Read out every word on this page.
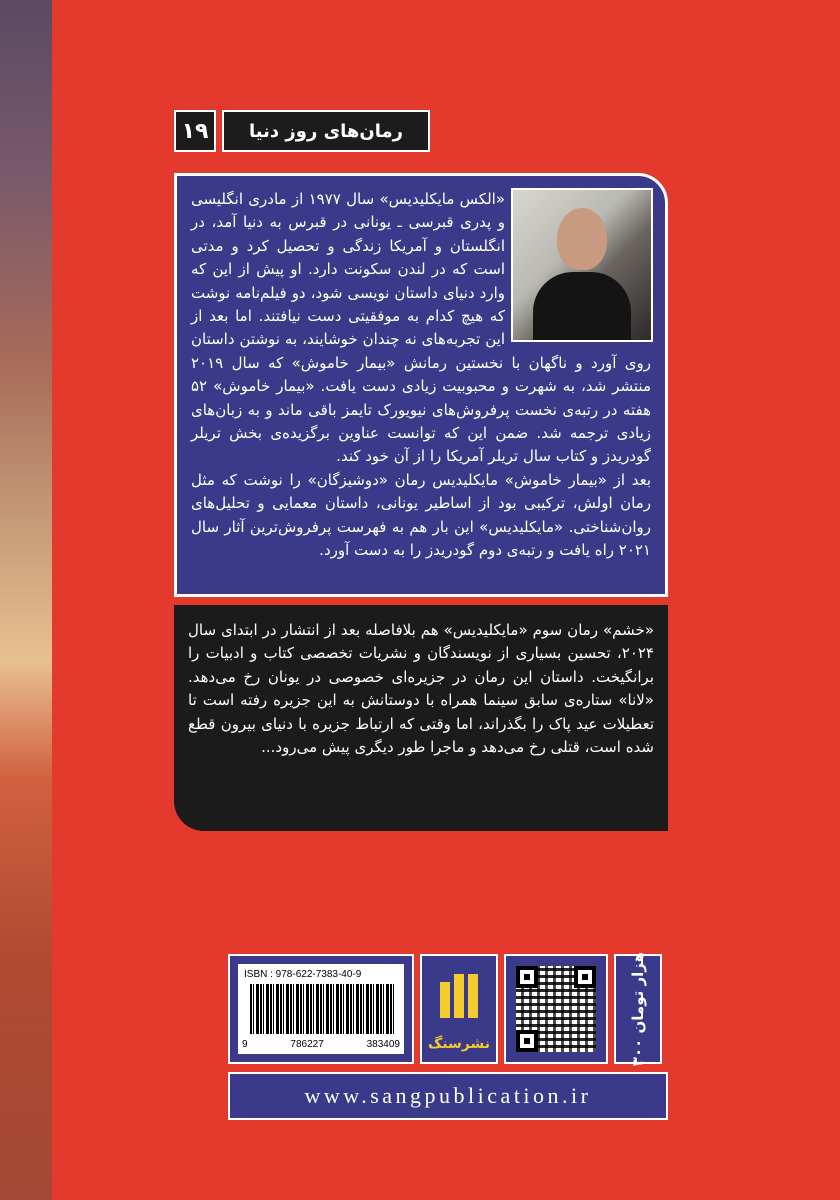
۱۹	رمان‌های روز دنیا

«الکس مایکلیدیس» سال ۱۹۷۷ از مادری انگلیسی و پدری قبرسی ـ یونانی در قبرس به دنیا آمد، در انگلستان و آمریکا زندگی و تحصیل کرد و مدتی است که در لندن سکونت دارد. او پیش از این که وارد دنیای داستان نویسی شود، دو فیلم‌نامه نوشت که هیچ کدام به موفقیتی دست نیافتند. اما بعد از این تجربه‌های نه چندان خوشایند، به نوشتن داستان روی آورد و ناگهان با نخستین رمانش «بیمار خاموش» که سال ۲۰۱۹ منتشر شد، به شهرت و محبوبیت زیادی دست یافت. «بیمار خاموش» ۵۲ هفته در رتبه‌ی نخست پرفروش‌های نیویورک تایمز باقی ماند و به زبان‌های زیادی ترجمه شد. ضمن این که توانست عناوین برگزیده‌ی بخش تریلر گودریدز و کتاب سال تریلر آمریکا را از آن خود کند.

بعد از «بیمار خاموش» مایکلیدیس رمان «دوشیزگان» را نوشت که مثل رمان اولش، ترکیبی بود از اساطیر یونانی، داستان معمایی و تحلیل‌های روان‌شناختی. «مایکلیدیس» این بار هم به فهرست پرفروش‌ترین آثار سال ۲۰۲۱ راه یافت و رتبه‌ی دوم گودریدز را به دست آورد.

«خشم» رمان سوم «مایکلیدیس» هم بلافاصله بعد از انتشار در ابتدای سال ۲۰۲۴، تحسین بسیاری از نویسندگان و نشریات تخصصی کتاب و ادبیات را برانگیخت. داستان این رمان در جزیره‌ای خصوصی در یونان رخ می‌دهد. «لانا» ستاره‌ی سابق سینما همراه با دوستانش به این جزیره رفته است تا تعطیلات عید پاک را بگذراند، اما وقتی که ارتباط جزیره با دنیای بیرون قطع شده است، قتلی رخ می‌دهد و ماجرا طور دیگری پیش می‌رود...

ISBN : 978-622-7383-40-9
9	786227	383409	نشرسنگ	۳۰۰ هزار تومان
www.sangpublication.ir
